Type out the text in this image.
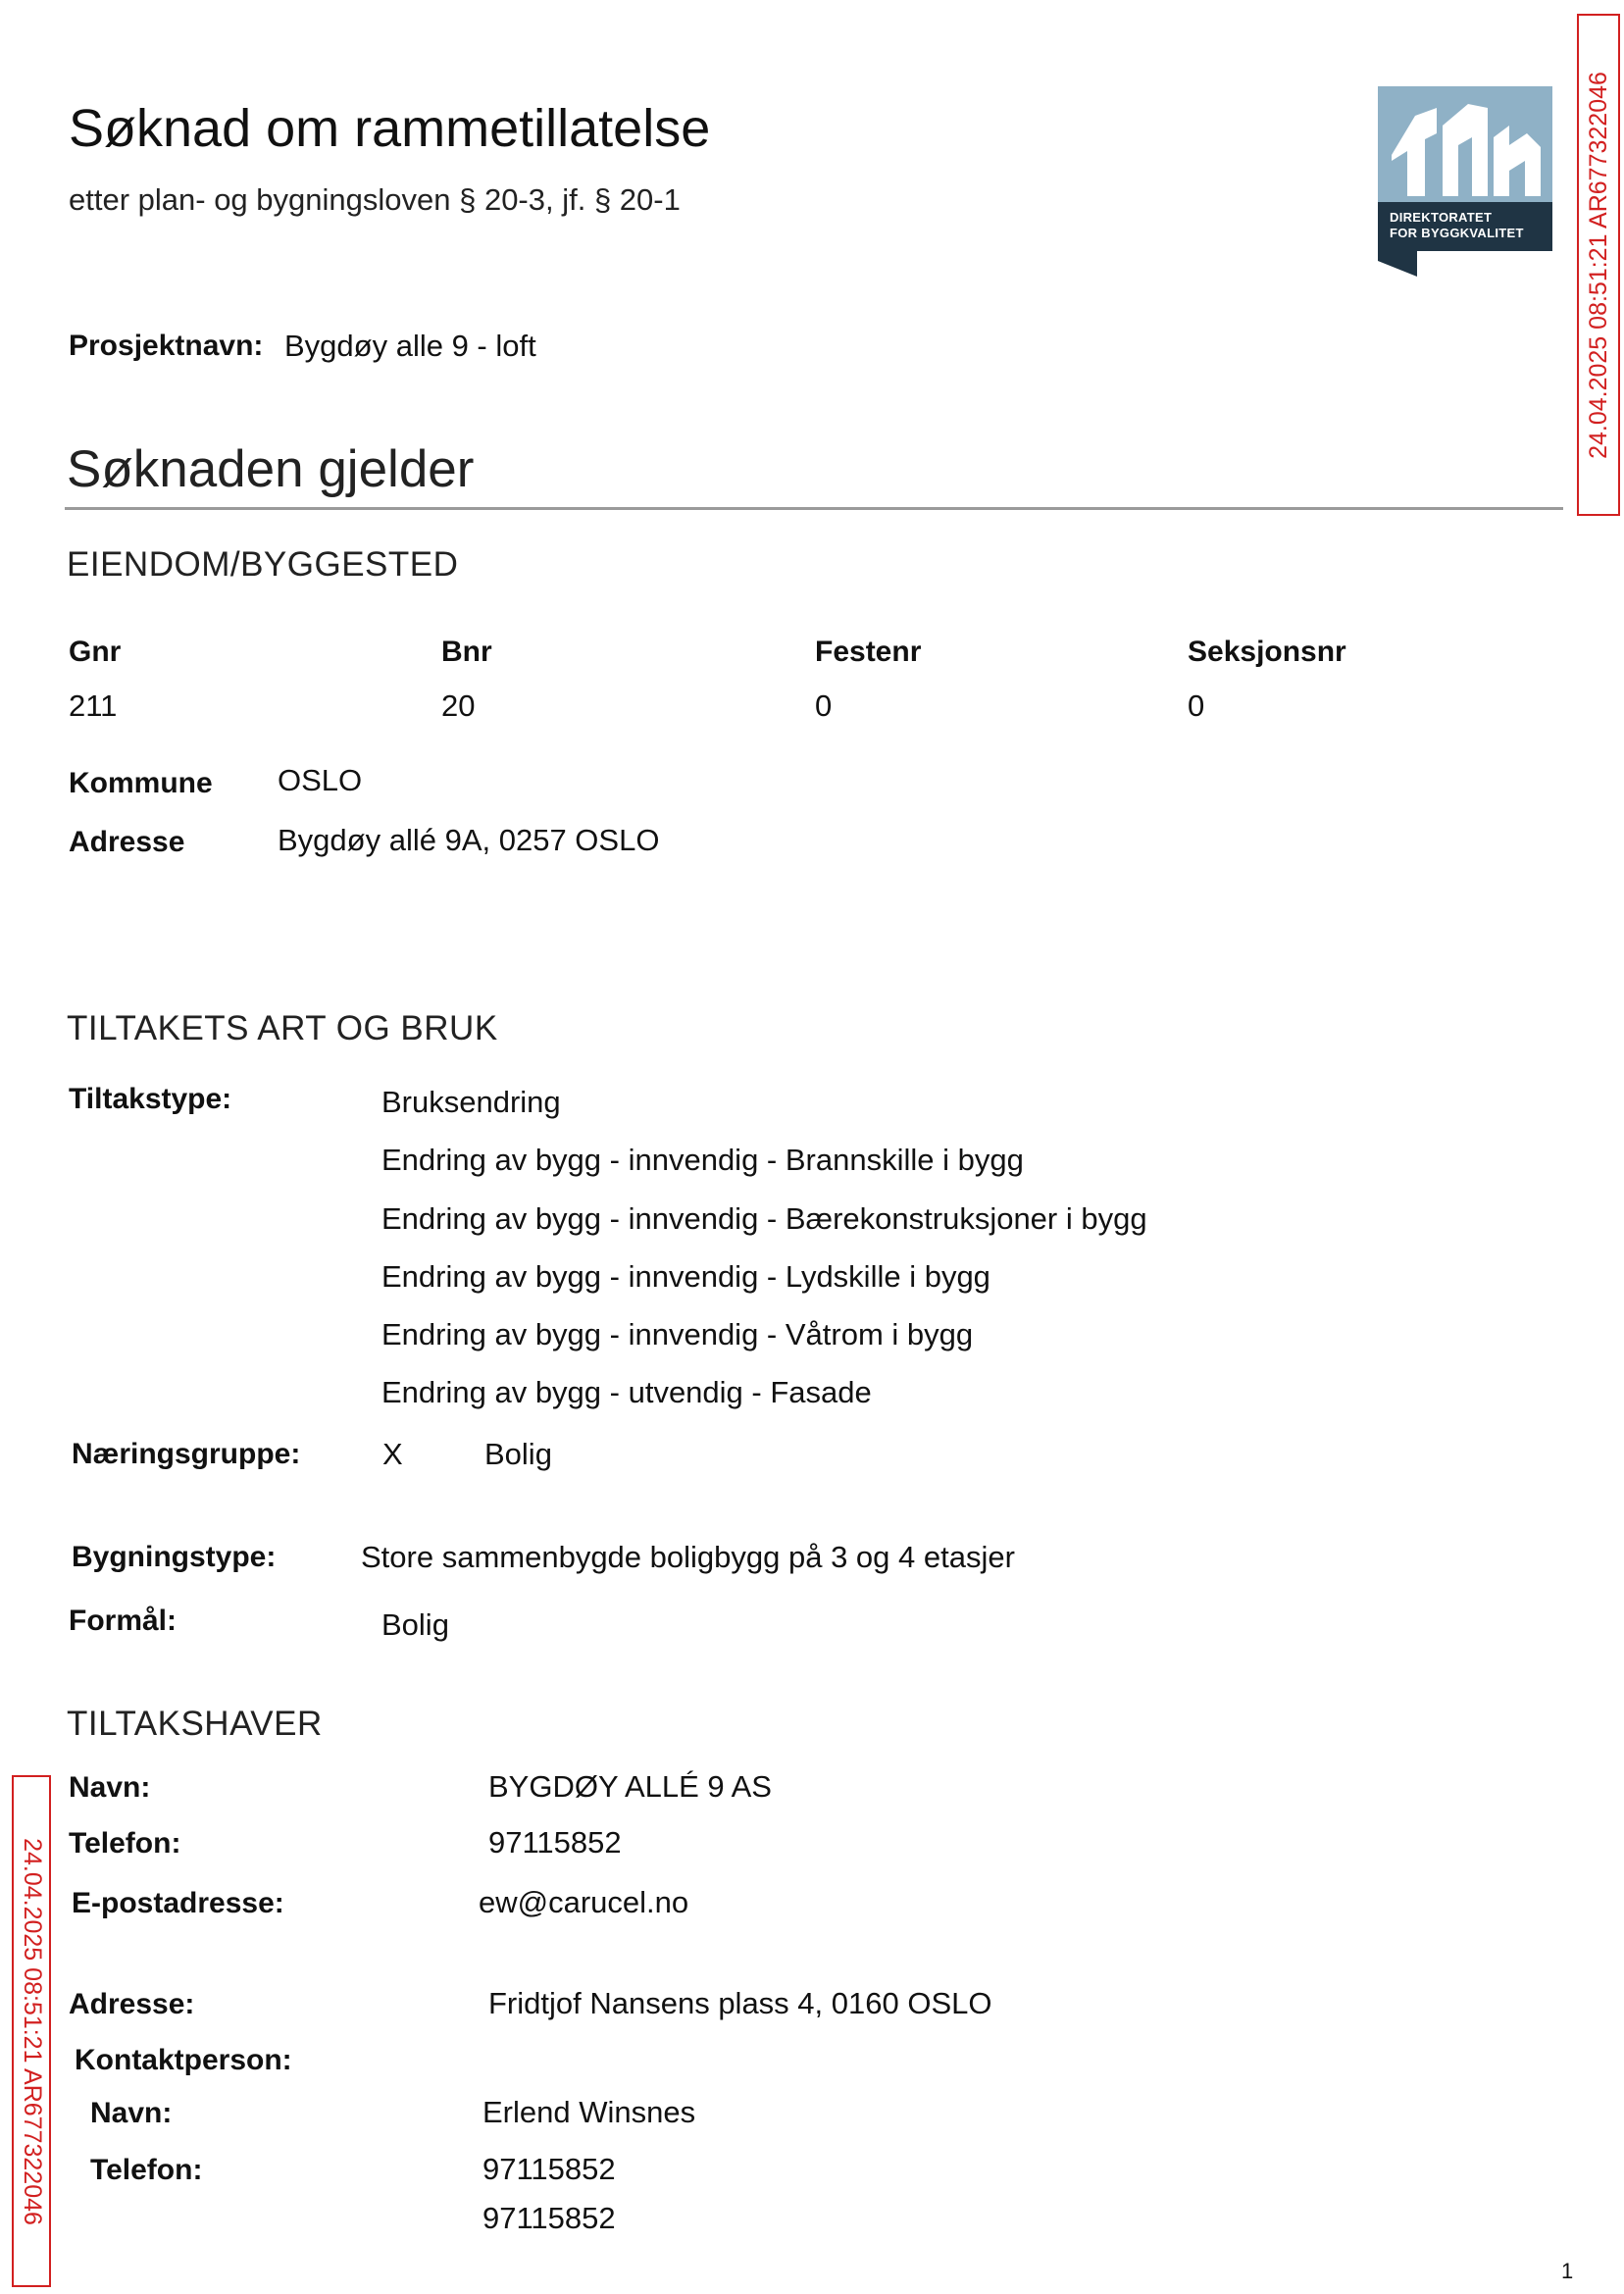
Søknad om rammetillatelse
etter plan- og bygningsloven § 20-3, jf. § 20-1
DIREKTORATET
FOR BYGGKVALITET 24.04.2025 08:51:21 AR677322046
Prosjektnavn: Bygdøy alle 9 - loft
Søknaden gjelder
EIENDOM/BYGGESTED
Gnr	Bnr	Festenr	Seksjonsnr
211	20	0	0
Kommune OSLO
Adresse	Bygdøy allé 9A, 0257 OSLO
TILTAKETS ART OG BRUK
Tiltakstype:	Bruksendring
Endring av bygg - innvendig - Brannskille i bygg
Endring av bygg - innvendig - Bærekonstruksjoner i bygg
Endring av bygg - innvendig - Lydskille i bygg
Endring av bygg - innvendig - Våtrom i bygg
Endring av bygg - utvendig - Fasade
Næringsgruppe:	X	Bolig
Bygningstype:	Store sammenbygde boligbygg på 3 og 4 etasjer
Formål:	Bolig
TILTAKSHAVER
Navn:	BYGDØY ALLÉ 9 AS
Telefon:	97115852
E-postadresse:	ew@carucel.no
Adresse:	Fridtjof Nansens plass 4, 0160 OSLO
Kontaktperson:
Navn:	Erlend Winsnes
Telefon:	97115852
97115852
24.04.2025 08:51:21 AR677322046
1
